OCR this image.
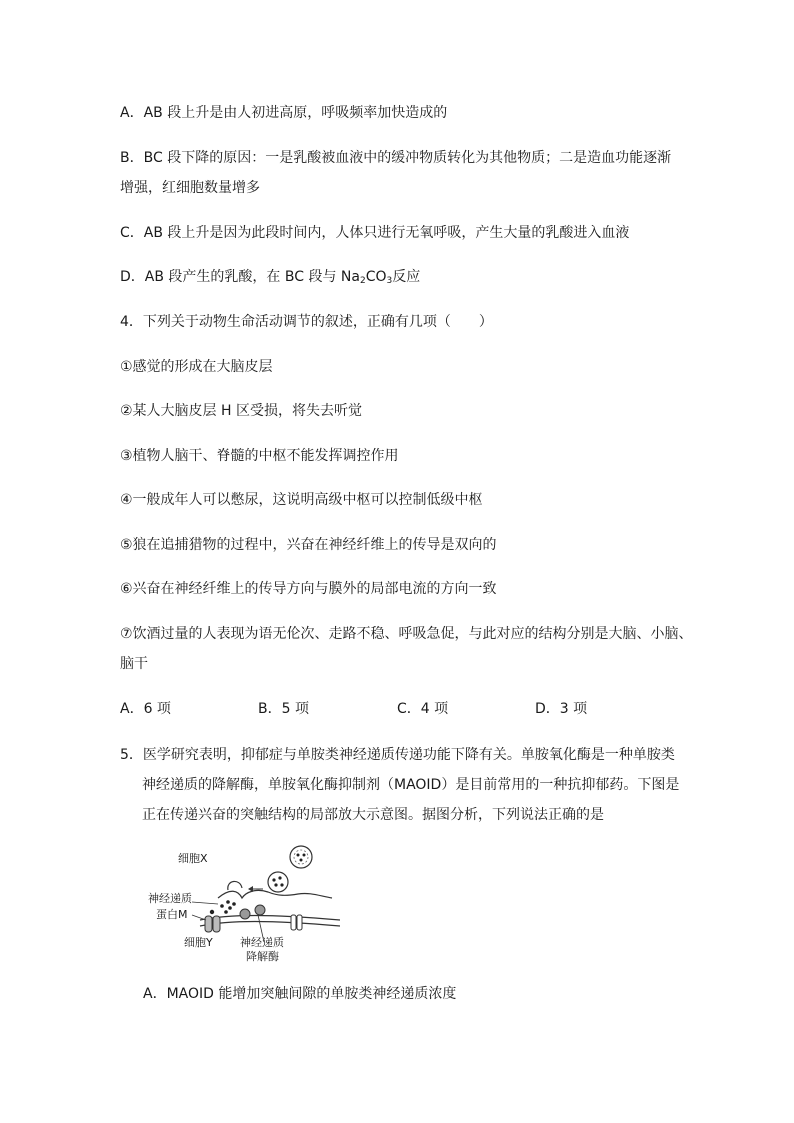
A．AB 段上升是由人初进高原，呼吸频率加快造成的
B．BC 段下降的原因：一是乳酸被血液中的缓冲物质转化为其他物质；二是造血功能逐渐
增强，红细胞数量增多
C．AB 段上升是因为此段时间内，人体只进行无氧呼吸，产生大量的乳酸进入血液
D．AB 段产生的乳酸，在 BC 段与 $Na_2CO_3$反应
4．下列关于动物生命活动调节的叙述，正确有几项（　　）
①感觉的形成在大脑皮层
②某人大脑皮层 H 区受损，将失去听觉
③植物人脑干、脊髓的中枢不能发挥调控作用
④一般成年人可以憋尿，这说明高级中枢可以控制低级中枢
⑤狼在追捕猎物的过程中，兴奋在神经纤维上的传导是双向的
⑥兴奋在神经纤维上的传导方向与膜外的局部电流的方向一致
⑦饮酒过量的人表现为语无伦次、走路不稳、呼吸急促，与此对应的结构分别是大脑、小脑、
脑干
A．6 项	B．5 项	C．4 项	D．3 项
5．医学研究表明，抑郁症与单胺类神经递质传递功能下降有关。单胺氧化酶是一种单胺类
神经递质的降解酶，单胺氧化酶抑制剂（MAOID）是目前常用的一种抗抑郁药。下图是
正在传递兴奋的突触结构的局部放大示意图。据图分析，下列说法正确的是
细胞X
神经递质
蛋白M
细胞Y 神经递质
降解酶
A．MAOID 能增加突触间隙的单胺类神经递质浓度
